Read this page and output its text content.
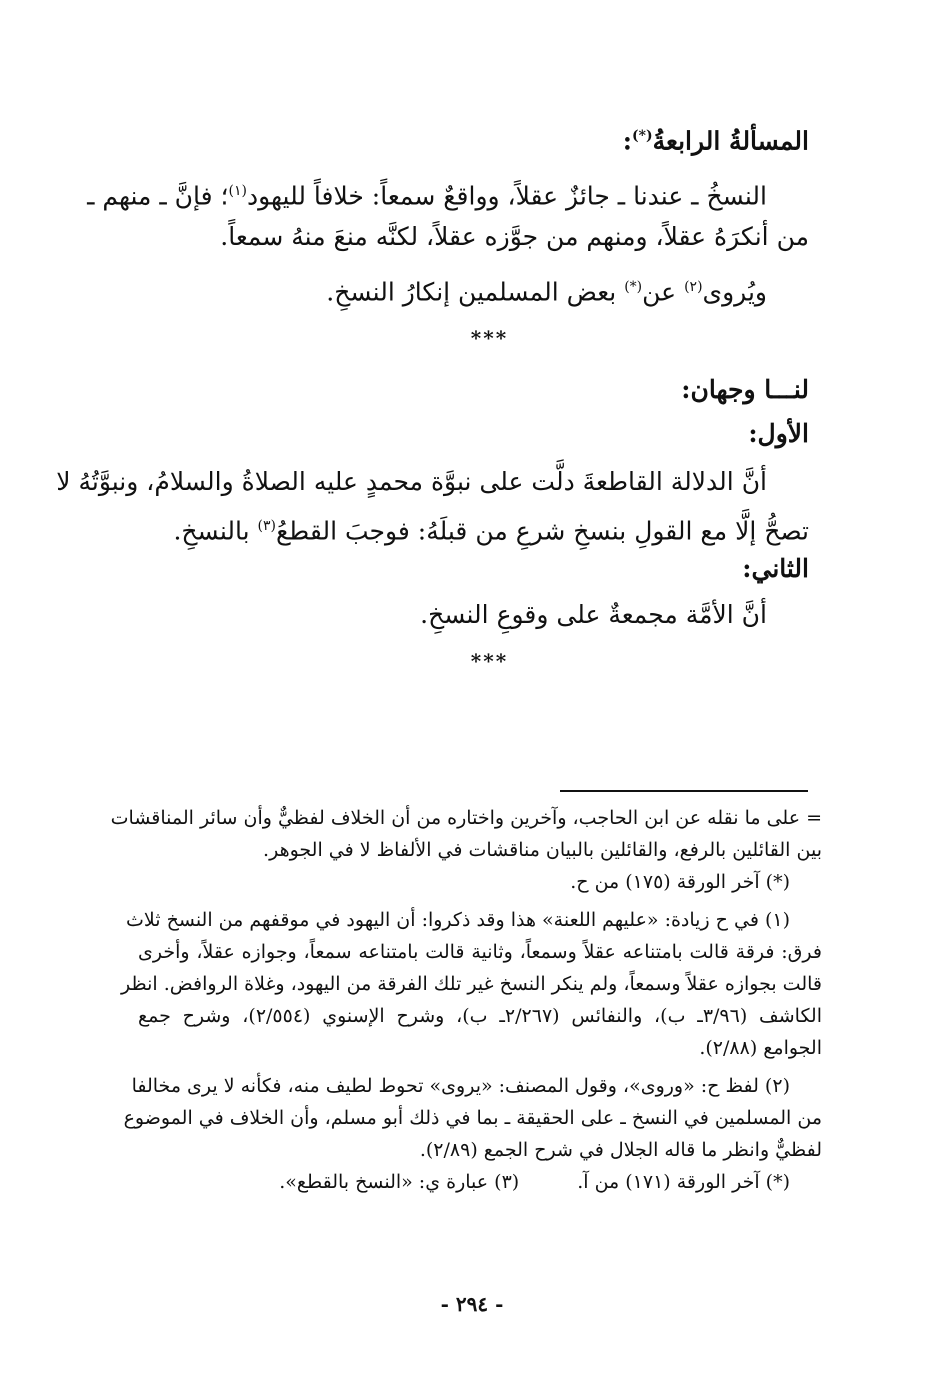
المسألةُ الرابعةُ(*):

النسخُ ـ عندنا ـ جائزٌ عقلاً، وواقعٌ سمعاً: خلافاً لليهود$^{(١)}$؛ فإنَّ ـ منهم ـ

من أنكرَهُ عقلاً، ومنهم من جوَّزه عقلاً، لكنَّه منعَ منهُ سمعاً.

ويُروى$^{(٢)}$ عن(*) بعض المسلمين إنكارُ النسخِ.

***

لنـــا وجهان:

الأول:

أنَّ الدلالة القاطعةَ دلَّت على نبوَّة محمدٍ عليه الصلاةُ والسلامُ، ونبوَّتُهُ لا

تصحُّ إلَّا مع القولِ بنسخِ شرعِ من قبلَهُ: فوجبَ القطعُ$^{(٣)}$ بالنسخِ.

الثاني:

أنَّ الأمَّة مجمعةٌ على وقوعِ النسخِ.

***

= على ما نقله عن ابن الحاجب، وآخرين واختاره من أن الخلاف لفظيٌّ وأن سائر المناقشات

بين القائلين بالرفع، والقائلين بالبيان مناقشات في الألفاظ لا في الجوهر.

(*) آخر الورقة (١٧٥) من ح.

(١) في ح زيادة: «عليهم اللعنة» هذا وقد ذكروا: أن اليهود في موقفهم من النسخ ثلاث

فرق: فرقة قالت بامتناعه عقلاً وسمعاً، وثانية قالت بامتناعه سمعاً، وجوازه عقلاً، وأخرى

قالت بجوازه عقلاً وسمعاً، ولم ينكر النسخ غير تلك الفرقة من اليهود، وغلاة الروافض. انظر

الكاشف (٣/٩٦ـ ب)، والنفائس (٢/٢٦٧ـ ب)، وشرح الإسنوي (٢/٥٥٤)، وشرح جمع

الجوامع (٢/٨٨).

(٢) لفظ ح: «وروى»، وقول المصنف: «يروى» تحوط لطيف منه، فكأنه لا يرى مخالفا

من المسلمين في النسخ ـ على الحقيقة ـ بما في ذلك أبو مسلم، وأن الخلاف في الموضوع

لفظيٌّ وانظر ما قاله الجلال في شرح الجمع (٢/٨٩).

(*) آخر الورقة (١٧١) من آ.
(٣) عبارة ي: «النسخ بالقطع».
- ٢٩٤ -
